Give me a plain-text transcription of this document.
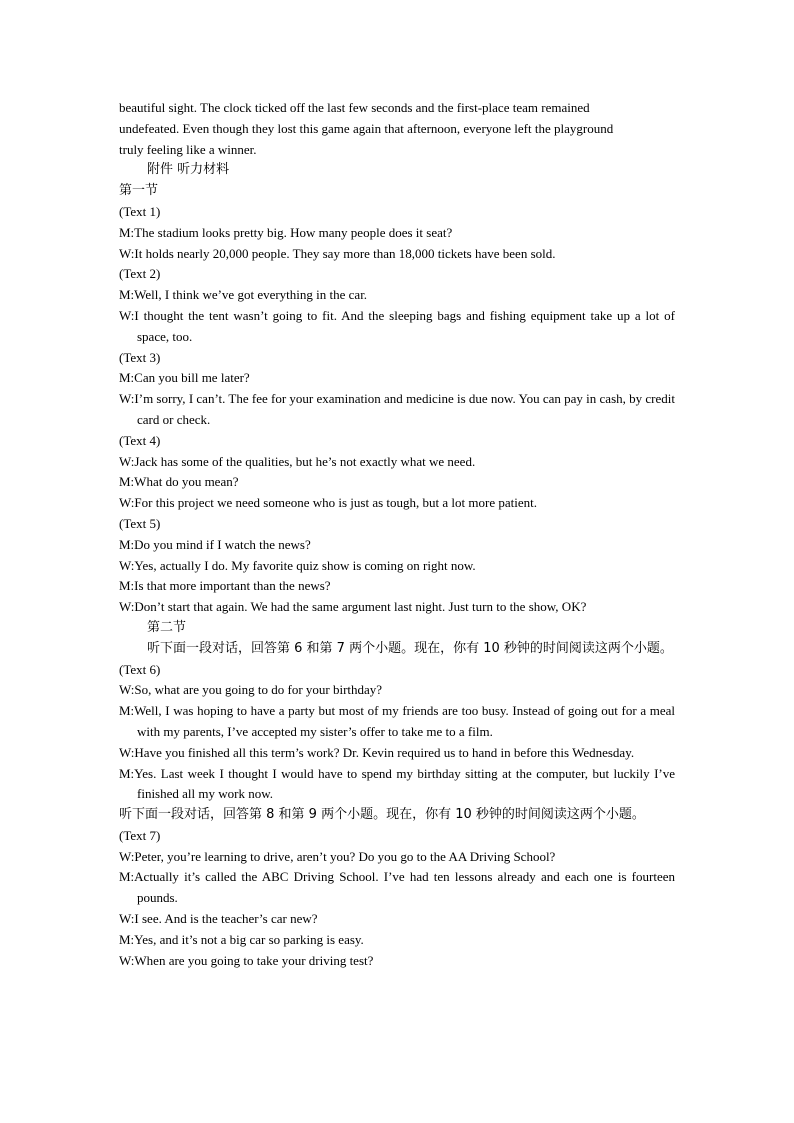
beautiful sight. The clock ticked off the last few seconds and the first-place team remained

undefeated. Even though they lost this game again that afternoon, everyone left the playground

truly feeling like a winner.

附件 听力材料

第一节

(Text 1)

M:The stadium looks pretty big. How many people does it seat?

W:It holds nearly 20,000 people. They say more than 18,000 tickets have been sold.

(Text 2)

M:Well, I think we’ve got everything in the car.

W:I thought the tent wasn’t going to fit. And the sleeping bags and fishing equipment take up a lot of space, too.

(Text 3)

M:Can you bill me later?

W:I’m sorry, I can’t. The fee for your examination and medicine is due now. You can pay in cash, by credit card or check.

(Text 4)

W:Jack has some of the qualities, but he’s not exactly what we need.

M:What do you mean?

W:For this project we need someone who is just as tough, but a lot more patient.

(Text 5)

M:Do you mind if I watch the news?

W:Yes, actually I do. My favorite quiz show is coming on right now.

M:Is that more important than the news?

W:Don’t start that again. We had the same argument last night. Just turn to the show, OK?

第二节

听下面一段对话，回答第 6 和第 7 两个小题。现在，你有 10 秒钟的时间阅读这两个小题。

(Text 6)

W:So, what are you going to do for your birthday?

M:Well, I was hoping to have a party but most of my friends are too busy. Instead of going out for a meal with my parents, I’ve accepted my sister’s offer to take me to a film.

W:Have you finished all this term’s work? Dr. Kevin required us to hand in before this Wednesday.

M:Yes. Last week I thought I would have to spend my birthday sitting at the computer, but luckily I’ve finished all my work now.

听下面一段对话，回答第 8 和第 9 两个小题。现在，你有 10 秒钟的时间阅读这两个小题。

(Text 7)

W:Peter, you’re learning to drive, aren’t you? Do you go to the AA Driving School?

M:Actually it’s called the ABC Driving School. I’ve had ten lessons already and each one is fourteen pounds.

W:I see. And is the teacher’s car new?

M:Yes, and it’s not a big car so parking is easy.

W:When are you going to take your driving test?
